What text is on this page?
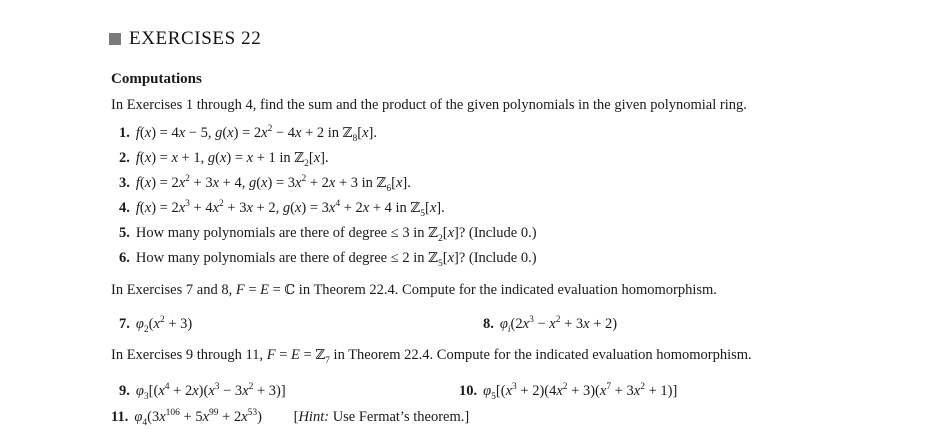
EXERCISES 22
Computations
In Exercises 1 through 4, find the sum and the product of the given polynomials in the given polynomial ring.
1. f(x) = 4x − 5, $g(x) = 2x^2 - 4x + 2$ in ℤ$_8$[x].
2. f(x) = x + 1, g(x) = x + 1 in ℤ$_2$[x].
3. $f(x) = 2x^2 + 3x + 4$, $g(x) = 3x^2 + 2x + 3$ in ℤ$_6$[x].
4. $f(x) = 2x^3 + 4x^2 + 3x + 2$, $g(x) = 3x^4 + 2x + 4$ in ℤ$_5$[x].
5. How many polynomials are there of degree ≤ 3 in ℤ$_2$[x]? (Include 0.)
6. How many polynomials are there of degree ≤ 2 in ℤ$_5$[x]? (Include 0.)
In Exercises 7 and 8, F = E = ℂ in Theorem 22.4. Compute for the indicated evaluation homomorphism.
7. $\varphi_2(x^2 + 3)$	8. $\varphi_i(2x^3 - x^2 + 3x + 2)$
In Exercises 9 through 11, F = E = ℤ$_7$ in Theorem 22.4. Compute for the indicated evaluation homomorphism.
9. $\varphi_3[(x^4 + 2x)(x^3 - 3x^2 + 3)]$	10. $\varphi_5[(x^3 + 2)(4x^2 + 3)(x^7 + 3x^2 + 1)]$
11. $\varphi_4(3x^{106} + 5x^{99} + 2x^{53})$ [Hint: Use Fermat’s theorem.]
